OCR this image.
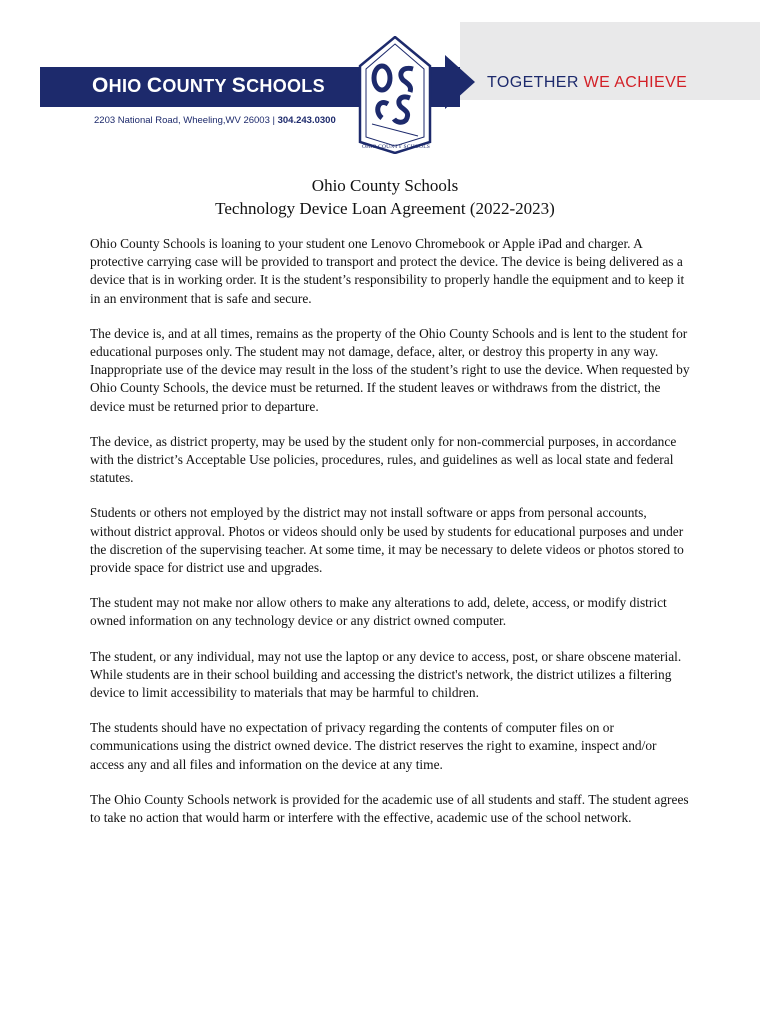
OHIO COUNTY SCHOOLS
2203 National Road, Wheeling,WV 26003 | 304.243.0300
OHIO COUNTY SCHOOLS
TOGETHER WE ACHIEVE
Ohio County Schools
Technology Device Loan Agreement (2022-2023)

Ohio County Schools is loaning to your student one Lenovo Chromebook or Apple iPad and charger. A protective carrying case will be provided to transport and protect the device. The device is being delivered as a device that is in working order. It is the student’s responsibility to properly handle the equipment and to keep it in an environment that is safe and secure.

The device is, and at all times, remains as the property of the Ohio County Schools and is lent to the student for educational purposes only. The student may not damage, deface, alter, or destroy this property in any way. Inappropriate use of the device may result in the loss of the student’s right to use the device. When requested by Ohio County Schools, the device must be returned. If the student leaves or withdraws from the district, the device must be returned prior to departure.

The device, as district property, may be used by the student only for non-commercial purposes, in accordance with the district’s Acceptable Use policies, procedures, rules, and guidelines as well as local state and federal statutes.

Students or others not employed by the district may not install software or apps from personal accounts, without district approval. Photos or videos should only be used by students for educational purposes and under the discretion of the supervising teacher. At some time, it may be necessary to delete videos or photos stored to provide space for district use and upgrades.

The student may not make nor allow others to make any alterations to add, delete, access, or modify district owned information on any technology device or any district owned computer.

The student, or any individual, may not use the laptop or any device to access, post, or share obscene material. While students are in their school building and accessing the district's network, the district utilizes a filtering device to limit accessibility to materials that may be harmful to children.

The students should have no expectation of privacy regarding the contents of computer files on or communications using the district owned device. The district reserves the right to examine, inspect and/or access any and all files and information on the device at any time.

The Ohio County Schools network is provided for the academic use of all students and staff. The student agrees to take no action that would harm or interfere with the effective, academic use of the school network.
